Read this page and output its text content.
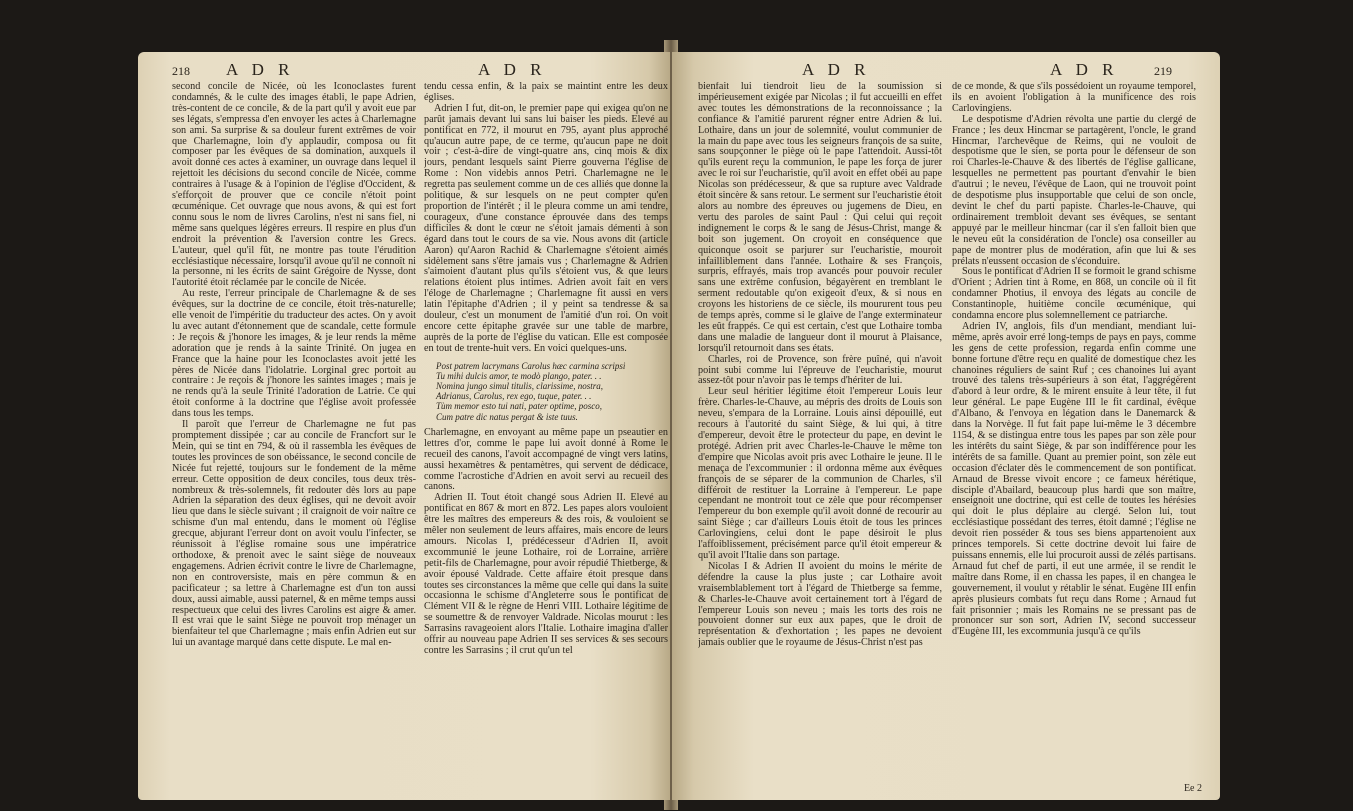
218 A D R	A D R

second concile de Nicée, où les Iconoclastes furent condamnés, & le culte des images établi, le pape Adrien, très-content de ce concile, & de la part qu'il y avoit eue par ses légats, s'empressa d'en envoyer les actes à Charlemagne son ami. Sa surprise & sa douleur furent extrêmes de voir que Charlemagne, loin d'y applaudir, composa ou fit composer par les évêques de sa domination, auxquels il avoit donné ces actes à examiner, un ouvrage dans lequel il rejettoit les décisions du second concile de Nicée, comme contraires à l'usage & à l'opinion de l'église d'Occident, & s'efforçoit de prouver que ce concile n'étoit point œcuménique. Cet ouvrage que nous avons, & qui est fort connu sous le nom de livres Carolins, n'est ni sans fiel, ni même sans quelques légères erreurs. Il respire en plus d'un endroit la prévention & l'aversion contre les Grecs. L'auteur, quel qu'il fût, ne montre pas toute l'érudition ecclésiastique nécessaire, lorsqu'il avoue qu'il ne connoît ni la personne, ni les écrits de saint Grégoire de Nysse, dont l'autorité étoit réclamée par le concile de Nicée.

Au reste, l'erreur principale de Charlemagne & de ses évêques, sur la doctrine de ce concile, étoit très-naturelle; elle venoit de l'impéritie du traducteur des actes. On y avoit lu avec autant d'étonnement que de scandale, cette formule : Je reçois & j'honore les images, & je leur rends la même adoration que je rends à la sainte Trinité. On jugea en France que la haine pour les Iconoclastes avoit jetté les pères de Nicée dans l'idolatrie. Lorginal grec portoit au contraire : Je reçois & j'honore les saintes images ; mais je ne rends qu'à la seule Trinité l'adoration de Latrie. Ce qui étoit conforme à la doctrine que l'église avoit professée dans tous les temps.

Il paroît que l'erreur de Charlemagne ne fut pas promptement dissipée ; car au concile de Francfort sur le Mein, qui se tint en 794, & où il rassembla les évêques de toutes les provinces de son obéissance, le second concile de Nicée fut rejetté, toujours sur le fondement de la même erreur. Cette opposition de deux conciles, tous deux très-nombreux & très-solemnels, fit redouter dès lors au pape Adrien la séparation des deux églises, qui ne devoit avoir lieu que dans le siècle suivant ; il craignoit de voir naître ce schisme d'un mal entendu, dans le moment où l'église grecque, abjurant l'erreur dont on avoit voulu l'infecter, se réunissoit à l'église romaine sous une impératrice orthodoxe, & prenoit avec le saint siège de nouveaux engagemens. Adrien écrivit contre le livre de Charlemagne, non en controversiste, mais en père commun & en pacificateur ; sa lettre à Charlemagne est d'un ton aussi doux, aussi aimable, aussi paternel, & en même temps aussi respectueux que celui des livres Carolins est aigre & amer. Il est vrai que le saint Siège ne pouvoit trop ménager un bienfaiteur tel que Charlemagne ; mais enfin Adrien eut sur lui un avantage marqué dans cette dispute. Le mal en-

tendu cessa enfin, & la paix se maintint entre les deux églises.

Adrien I fut, dit-on, le premier pape qui exigea qu'on ne parût jamais devant lui sans lui baiser les pieds. Elevé au pontificat en 772, il mourut en 795, ayant plus approché qu'aucun autre pape, de ce terme, qu'aucun pape ne doit voir ; c'est-à-dire de vingt-quatre ans, cinq mois & dix jours, pendant lesquels saint Pierre gouverna l'église de Rome : Non videbis annos Petri. Charlemagne ne le regretta pas seulement comme un de ces alliés que donne la politique, & sur lesquels on ne peut compter qu'en proportion de l'intérêt ; il le pleura comme un ami tendre, courageux, d'une constance éprouvée dans des temps difficiles & dont le cœur ne s'étoit jamais démenti à son égard dans tout le cours de sa vie. Nous avons dit (article Aaron) qu'Aaron Rachid & Charlemagne s'étoient aimés sidèlement sans s'être jamais vus ; Charlemagne & Adrien s'aimoient d'autant plus qu'ils s'étoient vus, & que leurs relations étoient plus intimes. Adrien avoit fait en vers l'éloge de Charlemagne ; Charlemagne fit aussi en vers latin l'épitaphe d'Adrien ; il y peint sa tendresse & sa douleur, c'est un monument de l'amitié d'un roi. On voit encore cette épitaphe gravée sur une table de marbre, auprès de la porte de l'église du vatican. Elle est composée en tout de trente-huit vers. En voici quelques-uns.

Post patrem lacrymans Carolus hæc carmina scripsi
Tu mihi dulcis amor, te modò plango, pater. . .
Nomina jungo simul titulis, clarissime, nostra,
Adrianus, Carolus, rex ego, tuque, pater. . .
Tùm memor esto tui nati, pater optime, posco,
Cum patre dic natus pergat & iste tuus.

Charlemagne, en envoyant au même pape un pseautier en lettres d'or, comme le pape lui avoit donné à Rome le recueil des canons, l'avoit accompagné de vingt vers latins, aussi hexamètres & pentamètres, qui servent de dédicace, comme l'acrostiche d'Adrien en avoit servi au recueil des canons.

Adrien II. Tout étoit changé sous Adrien II. Elevé au pontificat en 867 & mort en 872. Les papes alors vouloient être les maîtres des empereurs & des rois, & vouloient se mêler non seulement de leurs affaires, mais encore de leurs amours. Nicolas I, prédécesseur d'Adrien II, avoit excommunié le jeune Lothaire, roi de Lorraine, arrière petit-fils de Charlemagne, pour avoir répudié Thietberge, & avoir épousé Valdrade. Cette affaire étoit presque dans toutes ses circonstances la même que celle qui dans la suite occasionna le schisme d'Angleterre sous le pontificat de Clément VII & le règne de Henri VIII. Lothaire légitime de se soumettre & de renvoyer Valdrade. Nicolas mourut : les Sarrasins ravageoient alors l'Italie. Lothaire imagina d'aller offrir au nouveau pape Adrien II ses services & ses secours contre les Sarrasins ; il crut qu'un tel

A D R	A D R	219

bienfait lui tiendroit lieu de la soumission si impérieusement exigée par Nicolas ; il fut accueilli en effet avec toutes les démonstrations de la reconnoissance ; la confiance & l'amitié parurent régner entre Adrien & lui. Lothaire, dans un jour de solemnité, voulut communier de la main du pape avec tous les seigneurs françois de sa suite, sans soupçonner le piège où le pape l'attendoit. Aussi-tôt qu'ils eurent reçu la communion, le pape les força de jurer avec le roi sur l'eucharistie, qu'il avoit en effet obéi au pape Nicolas son prédécesseur, & que sa rupture avec Valdrade étoit sincère & sans retour. Le serment sur l'eucharistie étoit alors au nombre des épreuves ou jugemens de Dieu, en vertu des paroles de saint Paul : Qui celui qui reçoit indignement le corps & le sang de Jésus-Christ, mange & boit son jugement. On croyoit en conséquence que quiconque osoit se parjurer sur l'eucharistie, mouroit infailliblement dans l'année. Lothaire & ses François, surpris, effrayés, mais trop avancés pour pouvoir reculer sans une extrême confusion, bégayèrent en tremblant le serment redoutable qu'on exigeoit d'eux, & si nous en croyons les historiens de ce siècle, ils moururent tous peu de temps après, comme si le glaive de l'ange exterminateur les eût frappés. Ce qui est certain, c'est que Lothaire tomba dans une maladie de langueur dont il mourut à Plaisance, lorsqu'il retournoit dans ses états.

Charles, roi de Provence, son frère puîné, qui n'avoit point subi comme lui l'épreuve de l'eucharistie, mourut assez-tôt pour n'avoir pas le temps d'hériter de lui.

Leur seul héritier légitime étoit l'empereur Louis leur frère. Charles-le-Chauve, au mépris des droits de Louis son neveu, s'empara de la Lorraine. Louis ainsi dépouillé, eut recours à l'autorité du saint Siège, & lui qui, à titre d'empereur, devoit être le protecteur du pape, en devint le protégé. Adrien prit avec Charles-le-Chauve le même ton d'empire que Nicolas avoit pris avec Lothaire le jeune. Il le menaça de l'excommunier : il ordonna même aux évêques françois de se séparer de la communion de Charles, s'il différoit de restituer la Lorraine à l'empereur. Le pape cependant ne montroit tout ce zèle que pour récompenser l'empereur du bon exemple qu'il avoit donné de recourir au saint Siège ; car d'ailleurs Louis étoit de tous les princes Carlovingiens, celui dont le pape désiroit le plus l'affoiblissement, précisément parce qu'il étoit empereur & qu'il avoit l'Italie dans son partage.

Nicolas I & Adrien II avoient du moins le mérite de défendre la cause la plus juste ; car Lothaire avoit vraisemblablement tort à l'égard de Thietberge sa femme, & Charles-le-Chauve avoit certainement tort à l'égard de l'empereur Louis son neveu ; mais les torts des rois ne pouvoient donner sur eux aux papes, que le droit de représentation & d'exhortation ; les papes ne devoient jamais oublier que le royaume de Jésus-Christ n'est pas

de ce monde, & que s'ils possédoient un royaume temporel, ils en avoient l'obligation à la munificence des rois Carlovingiens.

Le despotisme d'Adrien révolta une partie du clergé de France ; les deux Hincmar se partagèrent, l'oncle, le grand Hincmar, l'archevêque de Reims, qui ne vouloit de despotisme que le sien, se porta pour le défenseur de son roi Charles-le-Chauve & des libertés de l'église gallicane, lesquelles ne permettent pas pourtant d'envahir le bien d'autrui ; le neveu, l'évêque de Laon, qui ne trouvoit point de despotisme plus insupportable que celui de son oncle, devint le chef du parti papiste. Charles-le-Chauve, qui ordinairement trembloit devant ses évêques, se sentant appuyé par le meilleur hincmar (car il s'en falloit bien que le neveu eût la considération de l'oncle) osa conseiller au pape de montrer plus de modération, afin que lui & ses prélats n'eussent occasion de s'éconduire.

Sous le pontificat d'Adrien II se formoit le grand schisme d'Orient ; Adrien tint à Rome, en 868, un concile où il fit condamner Photius, il envoya des légats au concile de Constantinople, huitième concile œcuménique, qui condamna encore plus solemnellement ce patriarche.

Adrien IV, anglois, fils d'un mendiant, mendiant lui-même, après avoir erré long-temps de pays en pays, comme les gens de cette profession, regarda enfin comme une bonne fortune d'être reçu en qualité de domestique chez les chanoines réguliers de saint Ruf ; ces chanoines lui ayant trouvé des talens très-supérieurs à son état, l'aggrégèrent d'abord à leur ordre, & le mirent ensuite à leur tête, il fut leur général. Le pape Eugène III le fit cardinal, évêque d'Albano, & l'envoya en légation dans le Danemarck & dans la Norvège. Il fut fait pape lui-même le 3 décembre 1154, & se distingua entre tous les papes par son zèle pour les intérêts du saint Siège, & par son indifférence pour les intérêts de sa famille. Quant au premier point, son zèle eut occasion d'éclater dès le commencement de son pontificat. Arnaud de Bresse vivoit encore ; ce fameux hérétique, disciple d'Abailard, beaucoup plus hardi que son maître, enseignoit une doctrine, qui est celle de toutes les hérésies qui doit le plus déplaire au clergé. Selon lui, tout ecclésiastique possédant des terres, étoit damné ; l'église ne devoit rien posséder & tous ses biens appartenoient aux princes temporels. Si cette doctrine devoit lui faire de puissans ennemis, elle lui procuroit aussi de zélés partisans. Arnaud fut chef de parti, il eut une armée, il se rendit le maître dans Rome, il en chassa les papes, il en changea le gouvernement, il voulut y rétablir le sénat. Eugène III enfin après plusieurs combats fut reçu dans Rome ; Arnaud fut fait prisonnier ; mais les Romains ne se pressant pas de prononcer sur son sort, Adrien IV, second successeur d'Eugène III, les excommunia jusqu'à ce qu'ils

Ee 2
